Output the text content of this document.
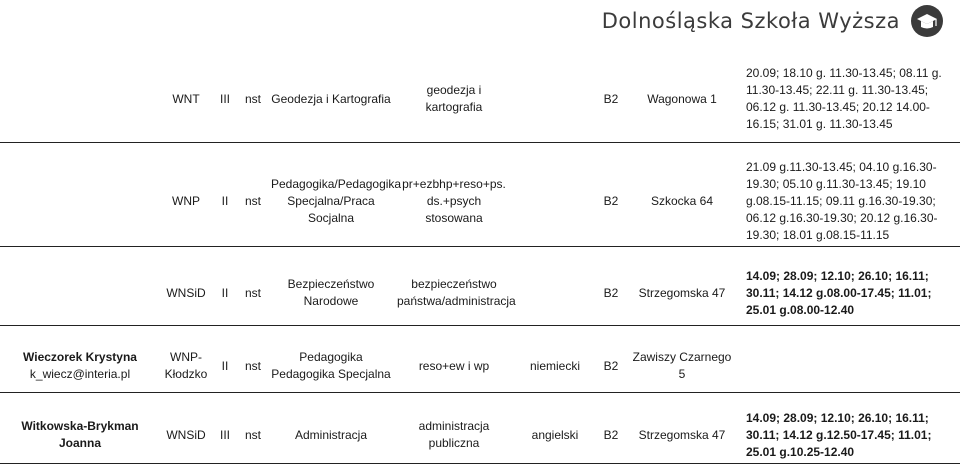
Dolnośląska Szkoła Wyższa

	WNT	III	nst	Geodezja i Kartografia	geodezja i kartografia		B2	Wagonowa 1	20.09; 18.10 g. 11.30-13.45; 08.11 g. 11.30-13.45; 22.11 g. 11.30-13.45; 06.12 g. 11.30-13.45; 20.12 14.00-16.15; 31.01 g. 11.30-13.45

	WNP	II	nst	Pedagogika/Pedagogika Specjalna/Praca Socjalna	pr+ezbhp+reso+ps. ds.+psych stosowana		B2	Szkocka 64	21.09 g.11.30-13.45; 04.10 g.16.30-19.30; 05.10 g.11.30-13.45; 19.10 g.08.15-11.15; 09.11 g.16.30-19.30; 06.12 g.16.30-19.30; 20.12 g.16.30-19.30; 18.01 g.08.15-11.15

	WNSiD	II	nst	Bezpieczeństwo Narodowe	bezpieczeństwo państwa/administracja		B2	Strzegomska 47	14.09; 28.09; 12.10; 26.10; 16.11; 30.11; 14.12 g.08.00-17.45; 11.01; 25.01 g.08.00-12.40

Wieczorek Krystyna
k_wiecz@interia.pl	WNP-Kłodzko	II	nst	Pedagogika Pedagogika Specjalna	reso+ew i wp	niemiecki	B2	Zawiszy Czarnego 5	

Witkowska-Brykman Joanna	WNSiD	III	nst	Administracja	administracja publiczna	angielski	B2	Strzegomska 47	14.09; 28.09; 12.10; 26.10; 16.11; 30.11; 14.12 g.12.50-17.45; 11.01; 25.01 g.10.25-12.40
